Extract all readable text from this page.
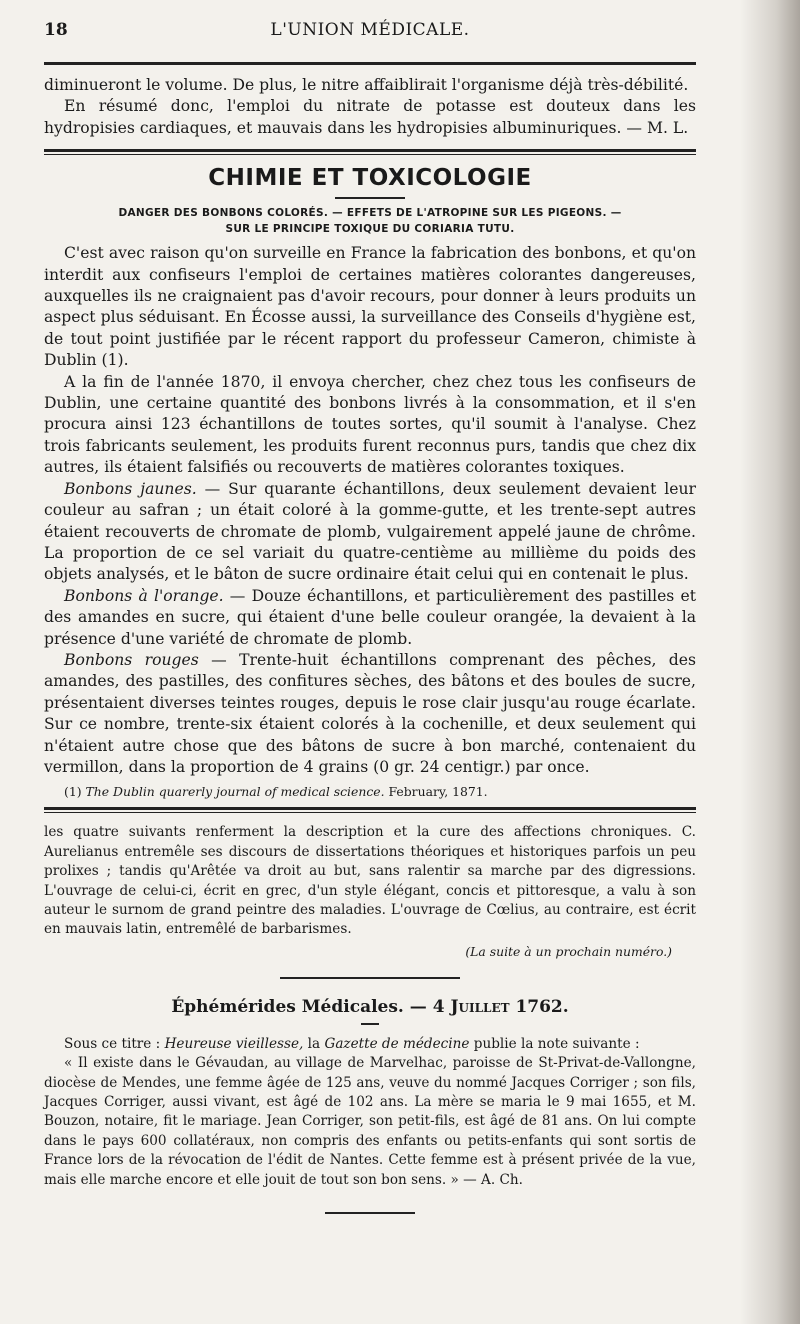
18	L'UNION MÉDICALE.

diminueront le volume. De plus, le nitre affaiblirait l'organisme déjà très-débilité.

En résumé donc, l'emploi du nitrate de potasse est douteux dans les hydropisies cardiaques, et mauvais dans les hydropisies albuminuriques. — M. L.

CHIMIE ET TOXICOLOGIE
DANGER DES BONBONS COLORÉS. — EFFETS DE L'ATROPINE SUR LES PIGEONS. —
SUR LE PRINCIPE TOXIQUE DU CORIARIA TUTU.

C'est avec raison qu'on surveille en France la fabrication des bonbons, et qu'on interdit aux confiseurs l'emploi de certaines matières colorantes dangereuses, auxquelles ils ne craignaient pas d'avoir recours, pour donner à leurs produits un aspect plus séduisant. En Écosse aussi, la surveillance des Conseils d'hygiène est, de tout point justifiée par le récent rapport du professeur Cameron, chimiste à Dublin (1).

A la fin de l'année 1870, il envoya chercher, chez chez tous les confiseurs de Dublin, une certaine quantité des bonbons livrés à la consommation, et il s'en procura ainsi 123 échantillons de toutes sortes, qu'il soumit à l'analyse. Chez trois fabricants seulement, les produits furent reconnus purs, tandis que chez dix autres, ils étaient falsifiés ou recouverts de matières colorantes toxiques.

Bonbons jaunes. — Sur quarante échantillons, deux seulement devaient leur couleur au safran ; un était coloré à la gomme-gutte, et les trente-sept autres étaient recouverts de chromate de plomb, vulgairement appelé jaune de chrôme. La proportion de ce sel variait du quatre-centième au millième du poids des objets analysés, et le bâton de sucre ordinaire était celui qui en contenait le plus.

Bonbons à l'orange. — Douze échantillons, et particulièrement des pastilles et des amandes en sucre, qui étaient d'une belle couleur orangée, la devaient à la présence d'une variété de chromate de plomb.

Bonbons rouges — Trente-huit échantillons comprenant des pêches, des amandes, des pastilles, des confitures sèches, des bâtons et des boules de sucre, présentaient diverses teintes rouges, depuis le rose clair jusqu'au rouge écarlate. Sur ce nombre, trente-six étaient colorés à la cochenille, et deux seulement qui n'étaient autre chose que des bâtons de sucre à bon marché, contenaient du vermillon, dans la proportion de 4 grains (0 gr. 24 centigr.) par once.

(1) The Dublin quarerly journal of medical science. February, 1871.

les quatre suivants renferment la description et la cure des affections chroniques. C. Aurelianus entremêle ses discours de dissertations théoriques et historiques parfois un peu prolixes ; tandis qu'Arêtée va droit au but, sans ralentir sa marche par des digressions. L'ouvrage de celui-ci, écrit en grec, d'un style élégant, concis et pittoresque, a valu à son auteur le surnom de grand peintre des maladies. L'ouvrage de Cœlius, au contraire, est écrit en mauvais latin, entremêlé de barbarismes.

(La suite à un prochain numéro.)

Éphémérides Médicales. — 4 Juillet 1762.

Sous ce titre : Heureuse vieillesse, la Gazette de médecine publie la note suivante :

« Il existe dans le Gévaudan, au village de Marvelhac, paroisse de St-Privat-de-Vallongne, diocèse de Mendes, une femme âgée de 125 ans, veuve du nommé Jacques Corriger ; son fils, Jacques Corriger, aussi vivant, est âgé de 102 ans. La mère se maria le 9 mai 1655, et M. Bouzon, notaire, fit le mariage. Jean Corriger, son petit-fils, est âgé de 81 ans. On lui compte dans le pays 600 collatéraux, non compris des enfants ou petits-enfants qui sont sortis de France lors de la révocation de l'édit de Nantes. Cette femme est à présent privée de la vue, mais elle marche encore et elle jouit de tout son bon sens. » — A. Ch.
